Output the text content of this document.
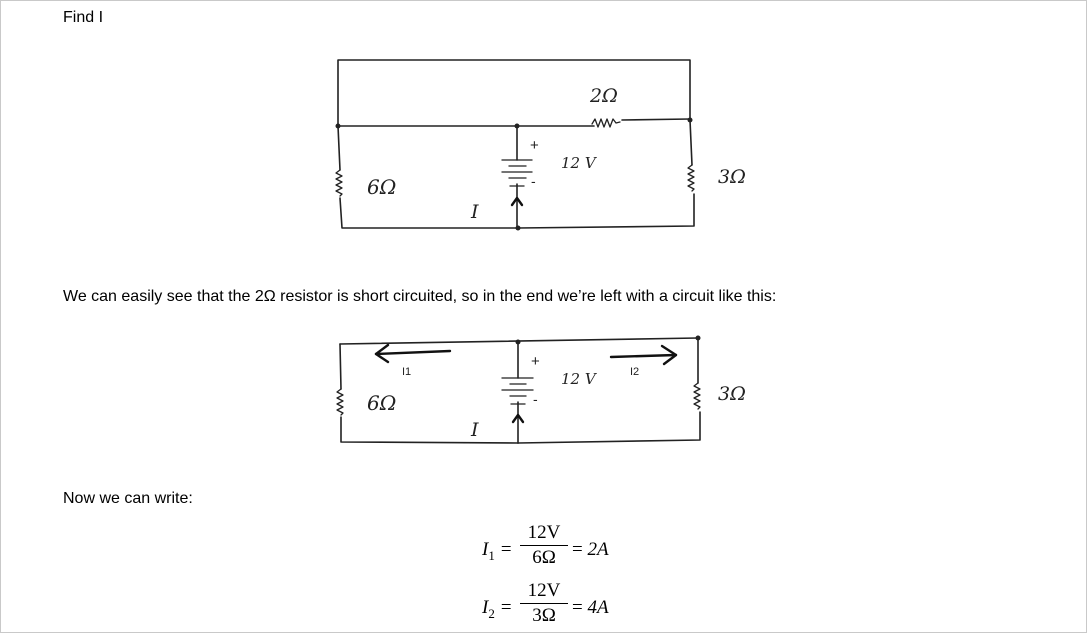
Find I
2Ω
6Ω	3Ω
12 V
+
-
I
We can easily see that the 2Ω resistor is short circuited, so in the end we’re left with a circuit like this:
I1	I2
6Ω	3Ω
12 V
+
-
I
Now we can write:
$I_1$ =
12V
6Ω = 2A
$I_2$ =
12V
3Ω = 4A
